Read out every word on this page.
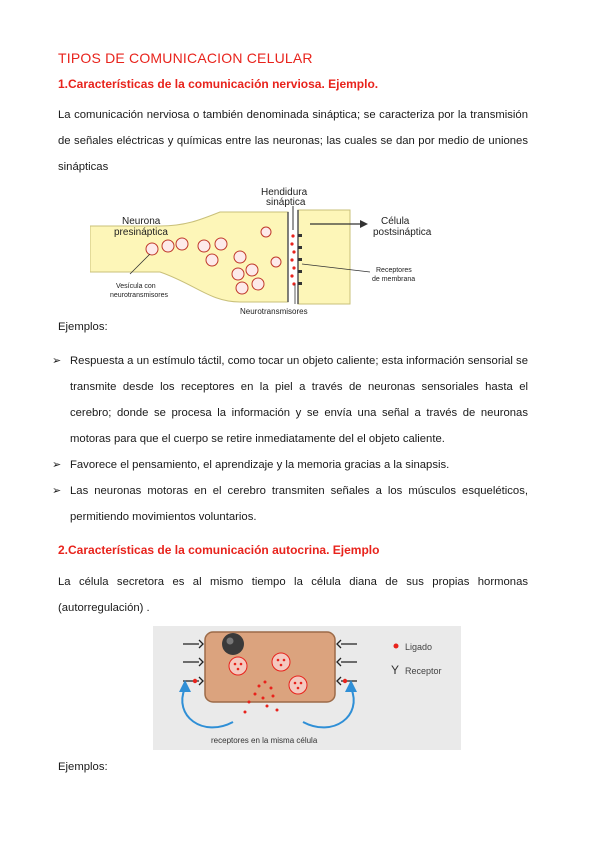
TIPOS DE COMUNICACION CELULAR
1.Características de la comunicación nerviosa. Ejemplo.
La comunicación nerviosa o también denominada sináptica; se caracteriza por la transmisión de señales eléctricas y químicas entre las neuronas; las cuales se dan por medio de uniones sinápticas
Hendidura
sináptica
Neurona
presináptica
Célula
postsináptica
Vesícula con
neurotransmisores
Receptores
de membrana
Neurotransmisores
Ejemplos:
➢ Respuesta a un estímulo táctil, como tocar un objeto caliente; esta información sensorial se transmite desde los receptores en la piel a través de neuronas sensoriales hasta el cerebro; donde se procesa la información y se envía una señal a través de neuronas motoras para que el cuerpo se retire inmediatamente del el objeto caliente.
➢ Favorece el pensamiento, el aprendizaje y la memoria gracias a la sinapsis.
➢ Las neuronas motoras en el cerebro transmiten señales a los músculos esqueléticos, permitiendo movimientos voluntarios.
2.Características de la comunicación autocrina. Ejemplo
La célula secretora es al mismo tiempo la célula diana de sus propias hormonas (autorregulación) .
Ligado
Y Receptor
receptores en la misma célula
Ejemplos:
